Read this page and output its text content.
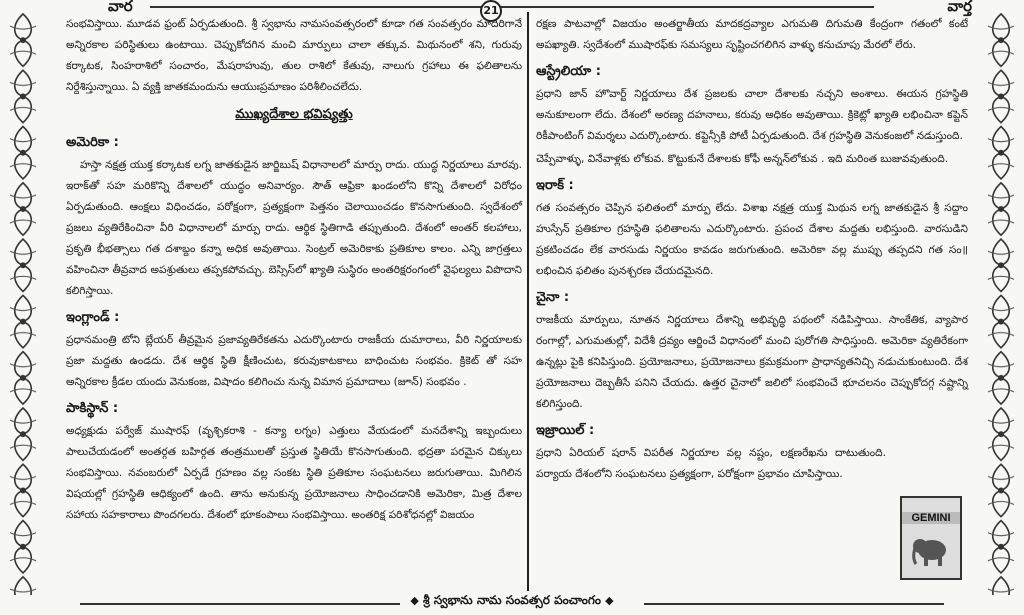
వార	వార్త
21

సంభవిస్తాయి. మూడవ ఫ్రంట్ ఏర్పడుతుంది. శ్రీ స్వభాను నామసంవత్సరంలో కూడా గత సంవత్సరం మాదిరిగానే అన్నిరకాల పరిస్థితులు ఉంటాయి. చెప్పుకోదగిన మంచి మార్పులు చాలా తక్కువ. మిథునంలో శని, గురువు కర్కాటక, సింహరాశిలో సంచారం, మేషరాహువు, తుల రాశిలో కేతువు, నాలుగు గ్రహాలు ఈ ఫలితాలను నిర్దేశిస్తున్నాయి. ఏ వ్యక్తి జాతకమందును ఆయుఃప్రమాణం పరిశీలించలేదు.

ముఖ్యదేశాల భవిష్యత్తు
అమెరికా :

హస్తా నక్షత్ర యుక్త కర్కాటక లగ్న జాతకుడైన జార్జిబుష్ విధానాలలో మార్పు రాదు. యుద్ధ నిర్ణయాలు మారవు. ఇరాక్‌తో సహ మరికొన్ని దేశాలలో యుద్ధం అనివార్యం. సౌత్ ఆఫ్రికా ఖండంలోని కొన్ని దేశాలలో విరోధం ఏర్పడుతుంది. ఆంక్షలు విధించడం, పరోక్షంగా, ప్రత్యక్షంగా పెత్తనం చెలాయించడం కొనసాగుతుంది. స్వదేశంలో ప్రజలు వ్యతిరేకించినా వీరి విధానాలలో మార్పు రాదు. ఆర్థిక స్థితిగాడి తప్పుతుంది. దేశంలో అంతర్ కలహాలు, ప్రకృతి భీభత్సాలు గత దశాబ్దం కన్నా అధిక అవుతాయి. సెంట్రల్ అమెరికాకు ప్రతికూల కాలం. ఎన్ని జాగ్రత్తలు వహించినా తీవ్రవాద అపశ్రుతులు తప్పకపోవచ్చు. బెస్సిస్‌లో ఖ్యాతి సుస్థిరం అంతరిక్షరంగంలో వైఫల్యలు విపొదాని కలిగిస్తాయి.

ఇంగ్లాండ్ :

ప్రధానమంత్రి టోని బ్లేయర్ తీవ్రమైన ప్రజావ్యతిరేకతను ఎదుర్కొంటారు రాజకీయ దుమారాలు, వీరి నిర్ణయాలకు ప్రజా మద్దతు ఉండదు. దేశ ఆర్థిక స్థితి క్షీణించుట, కరువుకాటకాలు బాధించుట సంభవం. క్రికెట్ తో సహ అన్నిరకాల క్రీడల యందు వెనుకంజ, విషాదం కలిగించు నున్న విమాన ప్రమాదాలు (జూన్) సంభవం .

పాకిస్థాన్ :

అధ్యక్షుడు పర్వేజ్ ముషారఫ్ (వృశ్చికరాశి - కన్యా లగ్నం) ఎత్తులు వేయడంలో మనదేశాన్ని ఇబ్బందులు పాలుచేయడంలో అంతర్గత బహిర్గత తంత్రములతో ప్రస్తుత స్థితియే కొనసాగుతుంది. భద్రతా పరమైన చిక్కులు సంభవిస్తాయి. నవంబరులో ఏర్పడే గ్రహణం వల్ల సంకట స్థితి ప్రతికూల సంఘటనలు జరుగుతాయి. మిగిలిన విషయల్లో గ్రహస్థితి ఆధిక్యంలో ఉంది. తాను అనుకున్న ప్రయోజనాలు సాధించడానికి అమెరికా, మిత్ర దేశాల సహాయ సహకారాలు పొందగలరు. దేశంలో భూకంపాలు సంభవిస్తాయి. అంతరిక్ష పరిశోధనల్లో విజయం

రక్షణ పాటవాల్లో విజయం అంతర్జాతీయ మాదకద్రవ్యాల ఎగుమతి దిగుమతి కేంద్రంగా గతంలో కంటే అపఖ్యాతి. స్వదేశంలో ముషారఫ్‌కు సమస్యలు సృష్టించగలిగిన వాళ్ళు కనుచూపు మేరలో లేరు.

ఆస్ట్రేలియా :

ప్రధాని జాన్ హొవార్ట్ నిర్ణయాలు దేశ ప్రజలకు చాలా దేశాలకు నచ్చని అంశాలు. ఈయన గ్రహస్థితి అనుకూలంగా లేదు. దేశంలో అరణ్య దహనాలు, కరువు అధికం అవుతాయి. క్రికెట్లో ఖ్యాతి లభించినా కప్టెన్ రికీపాంటింగ్ విమర్శలు ఎదుర్కొంటారు. కప్టెన్సీకి పోటీ ఏర్పడుతుంది. దేశ గ్రహస్థితి వెనుకంజలో నడుస్తుంది.

చెప్పేవాళ్ళు, వినేవాళ్లకు లోకువ. కొట్టుకునే దేశాలకు కోఫీ అన్నన్‌లోకువ . ఇది మరింత బుజువవుతుంది.

ఇరాక్ :

గత సంవత్సరం చెప్పిన ఫలితంలో మార్పు లేదు. విశాఖ నక్షత్ర యుక్త మిథున లగ్న జాతకుడైన శ్రీ సద్దాం హుస్సేన్ ప్రతికూల గ్రహస్థితి ఫలితాలను ఎదుర్కొంటారు. ప్రపంచ దేశాల మద్దతు లభిస్తుంది. వారసుడిని ప్రకటించడం లేక వారసుడు నిర్ణయం కావడం జరుగుతుంది. అమెరికా వల్ల ముప్పు తప్పదని గత సం॥ లభించిన ఫలితం పునశ్చరణ చేయదమైనది.

చైనా :

రాజకీయ మార్పులు, నూతన నిర్ణయాలు దేశాన్ని అభివృద్ధి పథంలో నడిపిస్తాయి. సాంకేతిక, వ్యాపార రంగాల్లో, ఎగుమతుల్లో, విదేశీ ద్రవ్యం ఆర్జించే విధానంలో మంచి పురోగతి సాధిస్తుంది. అమెరికా వ్యతిరేకంగా ఉన్నట్లు పైకి కనిపిస్తుంది. ప్రయోజనాలు, ప్రయోజనాలు క్రమక్రమంగా ప్రాధాన్యతనిచ్చి నడుచుకుంటుంది. దేశ ప్రయోజనాలు దెబ్బతీసే పనిని చేయదు. ఉత్తర చైనాలో జలిలో సంభవించే భూచలనం చెప్పుకోదగ్గ నష్టాన్ని కలిగిస్తుంది.

ఇజ్రాయిల్ :

ప్రధాని ఏరియల్ షరాన్ విపరీత నిర్ణయాల వల్ల నష్టం, లక్షణరేఖను దాటుతుంది. పర్యాయ దేశంలోని సంఘటనలు ప్రత్యక్షంగా, పరోక్షంగా ప్రభావం చూపిస్తాయి.

GEMINI
◆ శ్రీ స్వభాను నామ సంవత్సర పంచాంగం ◆
